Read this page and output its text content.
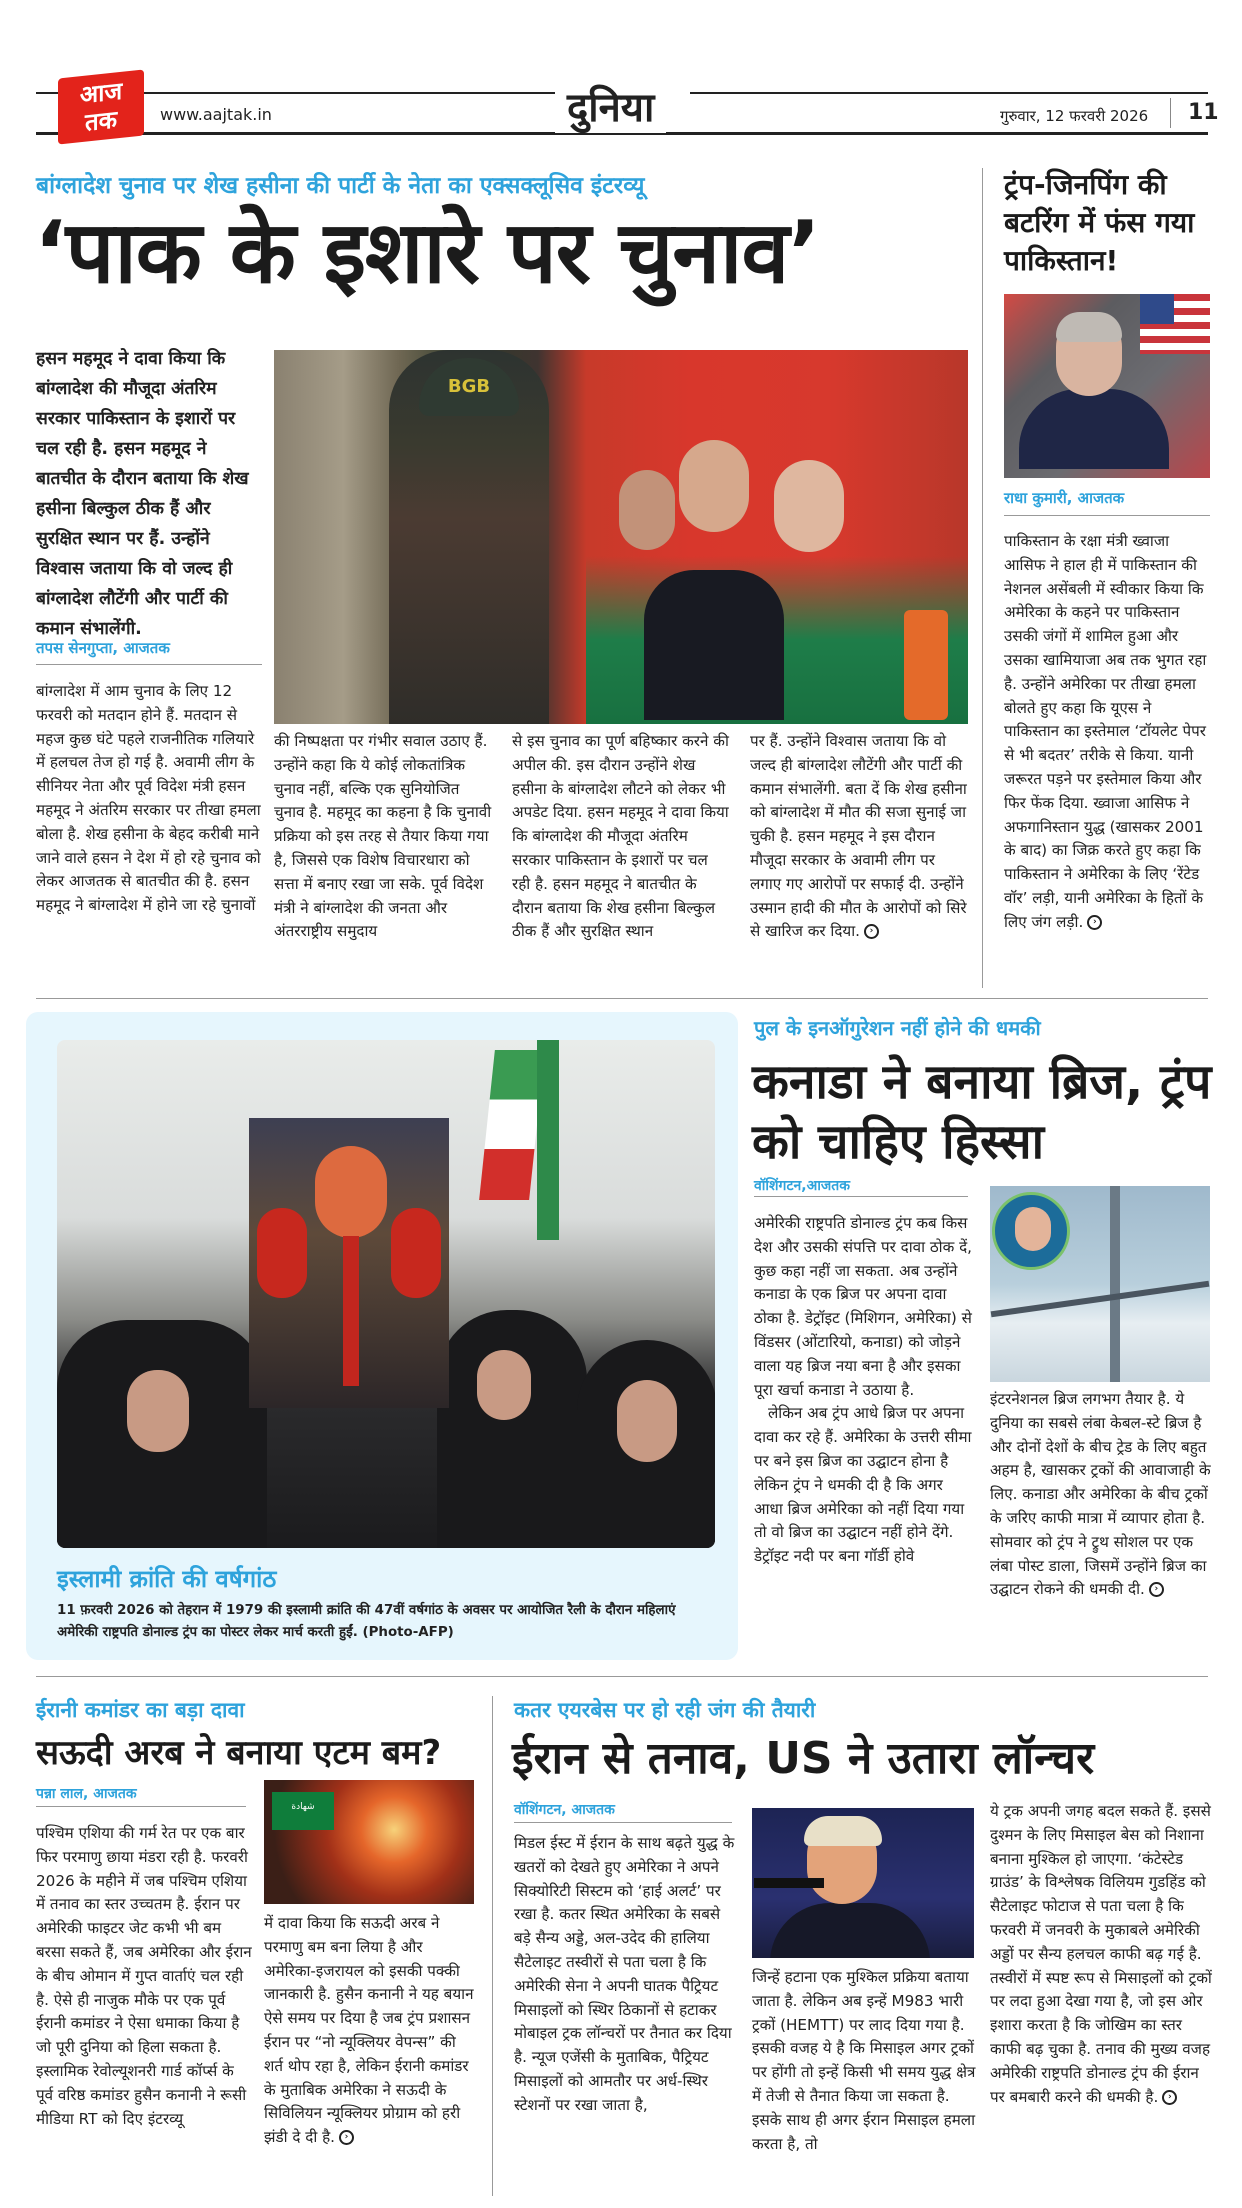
आज
तक	www.aajtak.in	दुनिया	गुरुवार, 12 फरवरी 2026 11
बांग्लादेश चुनाव पर शेख हसीना की पार्टी के नेता का एक्सक्लूसिव इंटरव्यू
‘पाक के इशारे पर चुनाव’
हसन महमूद ने दावा किया कि बांग्लादेश की मौजूदा अंतरिम सरकार पाकिस्तान के इशारों पर चल रही है. हसन महमूद ने बातचीत के दौरान बताया कि शेख हसीना बिल्कुल ठीक हैं और सुरक्षित स्थान पर हैं. उन्होंने विश्वास जताया कि वो जल्द ही बांग्लादेश लौटेंगी और पार्टी की कमान संभालेंगी.
तपस सेनगुप्ता, आजतक
BGB
बांग्लादेश में आम चुनाव के लिए 12 फरवरी को मतदान होने हैं. मतदान से महज कुछ घंटे पहले राजनीतिक गलियारे में हलचल तेज हो गई है. अवामी लीग के सीनियर नेता और पूर्व विदेश मंत्री हसन महमूद ने अंतरिम सरकार पर तीखा हमला बोला है. शेख हसीना के बेहद करीबी माने जाने वाले हसन ने देश में हो रहे चुनाव को लेकर आजतक से बातचीत की है. हसन महमूद ने बांग्लादेश में होने जा रहे चुनावों
की निष्पक्षता पर गंभीर सवाल उठाए हैं. उन्होंने कहा कि ये कोई लोकतांत्रिक चुनाव नहीं, बल्कि एक सुनियोजित चुनाव है. महमूद का कहना है कि चुनावी प्रक्रिया को इस तरह से तैयार किया गया है, जिससे एक विशेष विचारधारा को सत्ता में बनाए रखा जा सके. पूर्व विदेश मंत्री ने बांग्लादेश की जनता और अंतरराष्ट्रीय समुदाय
से इस चुनाव का पूर्ण बहिष्कार करने की अपील की. इस दौरान उन्होंने शेख हसीना के बांग्लादेश लौटने को लेकर भी अपडेट दिया. हसन महमूद ने दावा किया कि बांग्लादेश की मौजूदा अंतरिम सरकार पाकिस्तान के इशारों पर चल रही है. हसन महमूद ने बातचीत के दौरान बताया कि शेख हसीना बिल्कुल ठीक हैं और सुरक्षित स्थान
पर हैं. उन्होंने विश्वास जताया कि वो जल्द ही बांग्लादेश लौटेंगी और पार्टी की कमान संभालेंगी. बता दें कि शेख हसीना को बांग्लादेश में मौत की सजा सुनाई जा चुकी है. हसन महमूद ने इस दौरान मौजूदा सरकार के अवामी लीग पर लगाए गए आरोपों पर सफाई दी. उन्होंने उस्मान हादी की मौत के आरोपों को सिरे से खारिज कर दिया. ›
ट्रंप-जिनपिंग की बटरिंग में फंस गया पाकिस्तान!
राधा कुमारी, आजतक
पाकिस्तान के रक्षा मंत्री ख्वाजा आसिफ ने हाल ही में पाकिस्तान की नेशनल असेंबली में स्वीकार किया कि अमेरिका के कहने पर पाकिस्तान उसकी जंगों में शामिल हुआ और उसका खामियाजा अब तक भुगत रहा है. उन्होंने अमेरिका पर तीखा हमला बोलते हुए कहा कि यूएस ने पाकिस्तान का इस्तेमाल ‘टॉयलेट पेपर से भी बदतर’ तरीके से किया. यानी जरूरत पड़ने पर इस्तेमाल किया और फिर फेंक दिया. ख्वाजा आसिफ ने अफगानिस्तान युद्ध (खासकर 2001 के बाद) का जिक्र करते हुए कहा कि पाकिस्तान ने अमेरिका के लिए ‘रेंटेड वॉर’ लड़ी, यानी अमेरिका के हितों के लिए जंग लड़ी. ›
इस्लामी क्रांति की वर्षगांठ
11 फ़रवरी 2026 को तेहरान में 1979 की इस्लामी क्रांति की 47वीं वर्षगांठ के अवसर पर आयोजित रैली के दौरान महिलाएं अमेरिकी राष्ट्रपति डोनाल्ड ट्रंप का पोस्टर लेकर मार्च करती हुईं. (Photo-AFP)
पुल के इनऑगुरेशन नहीं होने की धमकी
कनाडा ने बनाया ब्रिज, ट्रंप को चाहिए हिस्सा
वॉशिंगटन,आजतक
अमेरिकी राष्ट्रपति डोनाल्ड ट्रंप कब किस देश और उसकी संपत्ति पर दावा ठोक दें, कुछ कहा नहीं जा सकता. अब उन्होंने कनाडा के एक ब्रिज पर अपना दावा ठोका है. डेट्रॉइट (मिशिगन, अमेरिका) से विंडसर (ओंटारियो, कनाडा) को जोड़ने वाला यह ब्रिज नया बना है और इसका पूरा खर्चा कनाडा ने उठाया है.
लेकिन अब ट्रंप आधे ब्रिज पर अपना दावा कर रहे हैं. अमेरिका के उत्तरी सीमा पर बने इस ब्रिज का उद्घाटन होना है लेकिन ट्रंप ने धमकी दी है कि अगर आधा ब्रिज अमेरिका को नहीं दिया गया तो वो ब्रिज का उद्घाटन नहीं होने देंगे. डेट्रॉइट नदी पर बना गॉर्डी होवे
इंटरनेशनल ब्रिज लगभग तैयार है. ये दुनिया का सबसे लंबा केबल-स्टे ब्रिज है और दोनों देशों के बीच ट्रेड के लिए बहुत अहम है, खासकर ट्रकों की आवाजाही के लिए. कनाडा और अमेरिका के बीच ट्रकों के जरिए काफी मात्रा में व्यापार होता है. सोमवार को ट्रंप ने ट्रुथ सोशल पर एक लंबा पोस्ट डाला, जिसमें उन्होंने ब्रिज का उद्घाटन रोकने की धमकी दी. ›
ईरानी कमांडर का बड़ा दावा
सऊदी अरब ने बनाया एटम बम?
पन्ना लाल, आजतक
पश्चिम एशिया की गर्म रेत पर एक बार फिर परमाणु छाया मंडरा रही है. फरवरी 2026 के महीने में जब पश्चिम एशिया में तनाव का स्तर उच्चतम है. ईरान पर अमेरिकी फाइटर जेट कभी भी बम बरसा सकते हैं, जब अमेरिका और ईरान के बीच ओमान में गुप्त वार्ताएं चल रही है. ऐसे ही नाजुक मौके पर एक पूर्व ईरानी कमांडर ने ऐसा धमाका किया है जो पूरी दुनिया को हिला सकता है. इस्लामिक रेवोल्यूशनरी गार्ड कॉर्प्स के पूर्व वरिष्ठ कमांडर हुसैन कनानी ने रूसी मीडिया RT को दिए इंटरव्यू
شهادة
में दावा किया कि सऊदी अरब ने परमाणु बम बना लिया है और अमेरिका-इजरायल को इसकी पक्की जानकारी है. हुसैन कनानी ने यह बयान ऐसे समय पर दिया है जब ट्रंप प्रशासन ईरान पर “नो न्यूक्लियर वेपन्स” की शर्त थोप रहा है, लेकिन ईरानी कमांडर के मुताबिक अमेरिका ने सऊदी के सिविलियन न्यूक्लियर प्रोग्राम को हरी झंडी दे दी है. ›
कतर एयरबेस पर हो रही जंग की तैयारी
ईरान से तनाव, US ने उतारा लॉन्चर
वॉशिंगटन, आजतक
मिडल ईस्ट में ईरान के साथ बढ़ते युद्ध के खतरों को देखते हुए अमेरिका ने अपने सिक्योरिटी सिस्टम को ‘हाई अलर्ट’ पर रखा है. कतर स्थित अमेरिका के सबसे बड़े सैन्य अड्डे, अल-उदेद की हालिया सैटेलाइट तस्वीरों से पता चला है कि अमेरिकी सेना ने अपनी घातक पैट्रियट मिसाइलों को स्थिर ठिकानों से हटाकर मोबाइल ट्रक लॉन्चरों पर तैनात कर दिया है. न्यूज एजेंसी के मुताबिक, पैट्रियट मिसाइलों को आमतौर पर अर्ध-स्थिर स्टेशनों पर रखा जाता है,
जिन्हें हटाना एक मुश्किल प्रक्रिया बताया जाता है. लेकिन अब इन्हें M983 भारी ट्रकों (HEMTT) पर लाद दिया गया है. इसकी वजह ये है कि मिसाइल अगर ट्रकों पर होंगी तो इन्हें किसी भी समय युद्ध क्षेत्र में तेजी से तैनात किया जा सकता है. इसके साथ ही अगर ईरान मिसाइल हमला करता है, तो
ये ट्रक अपनी जगह बदल सकते हैं. इससे दुश्मन के लिए मिसाइल बेस को निशाना बनाना मुश्किल हो जाएगा. ‘कंटेस्टेड ग्राउंड’ के विश्लेषक विलियम गुडहिंड को सैटेलाइट फोटाज से पता चला है कि फरवरी में जनवरी के मुकाबले अमेरिकी अड्डों पर सैन्य हलचल काफी बढ़ गई है. तस्वीरों में स्पष्ट रूप से मिसाइलों को ट्रकों पर लदा हुआ देखा गया है, जो इस ओर इशारा करता है कि जोखिम का स्तर काफी बढ़ चुका है. तनाव की मुख्य वजह अमेरिकी राष्ट्रपति डोनाल्ड ट्रंप की ईरान पर बमबारी करने की धमकी है. ›
